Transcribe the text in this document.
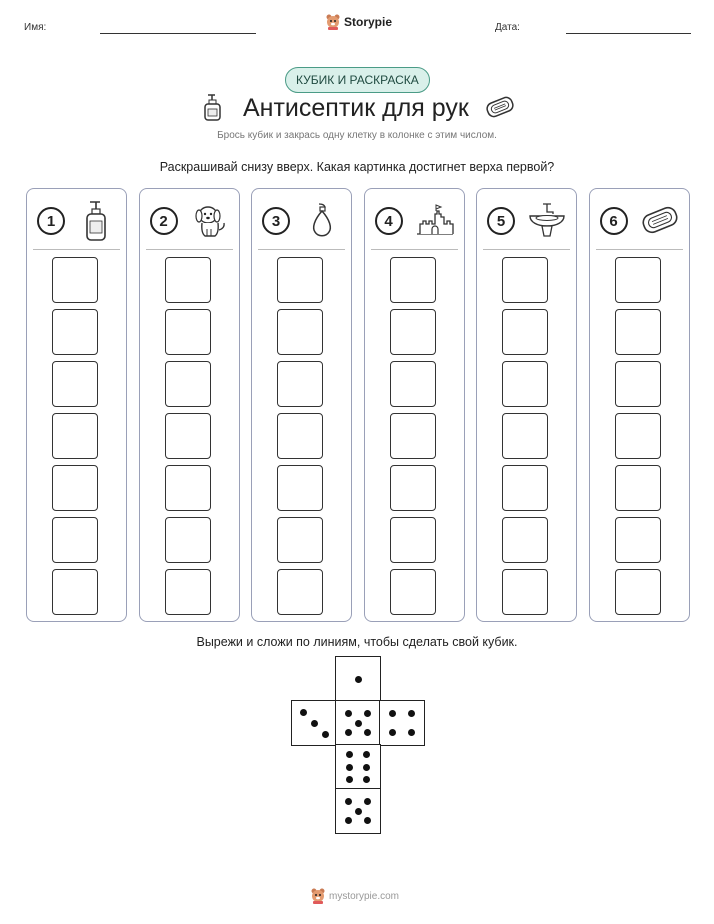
Имя:	Storypie	Дата:
КУБИК И РАСКРАСКА
Антисептик для рук
Брось кубик и закрась одну клетку в колонке с этим числом.
Раскрашивай снизу вверх. Какая картинка достигнет верха первой?
1	2	3	4	5	6
Вырежи и сложи по линиям, чтобы сделать свой кубик.
mystorypie.com
